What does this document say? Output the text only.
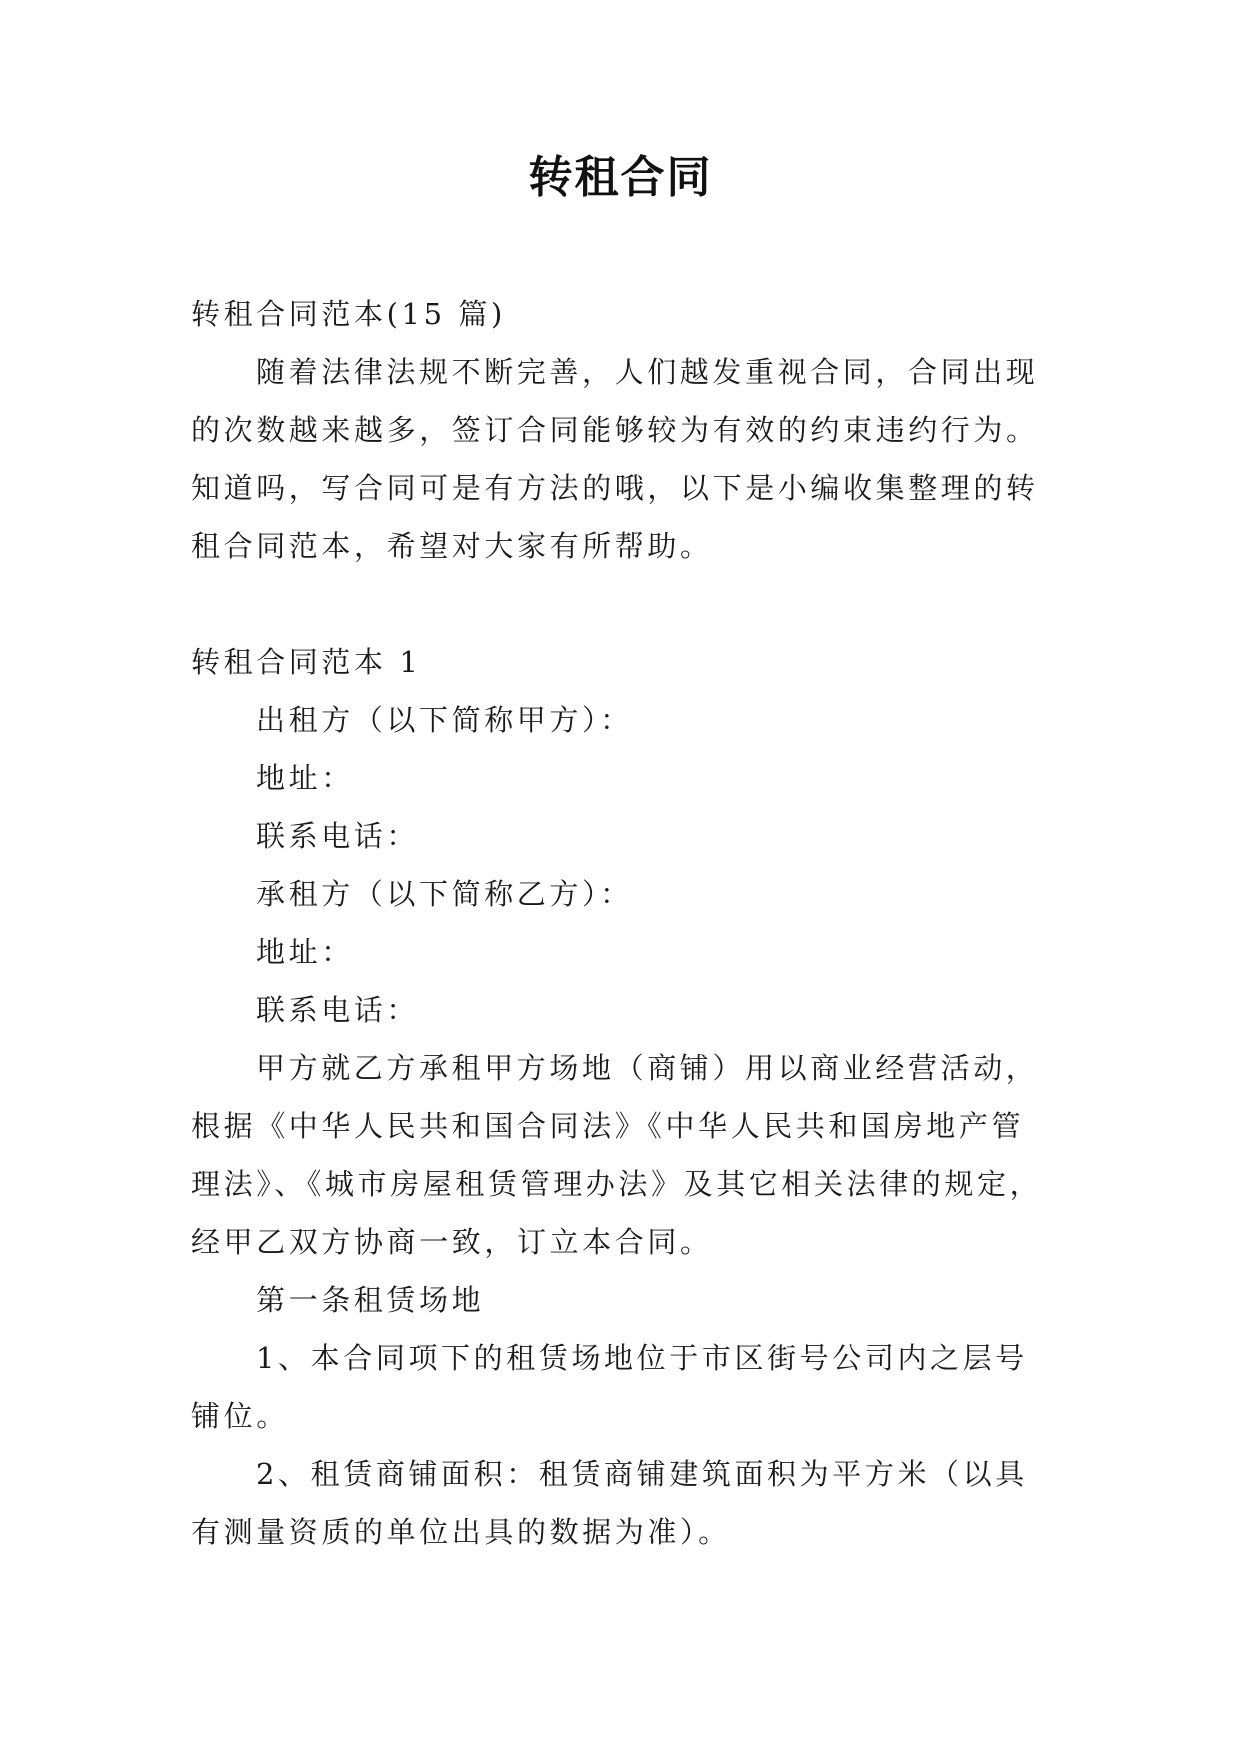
转租合同

转租合同范本(15 篇)

随着法律法规不断完善，人们越发重视合同，合同出现的次数越来越多，签订合同能够较为有效的约束违约行为。知道吗，写合同可是有方法的哦，以下是小编收集整理的转租合同范本，希望对大家有所帮助。

转租合同范本 1

出租方（以下简称甲方）：

地址：

联系电话：

承租方（以下简称乙方）：

地址：

联系电话：

甲方就乙方承租甲方场地（商铺）用以商业经营活动，根据《中华人民共和国合同法》《中华人民共和国房地产管理法》、《城市房屋租赁管理办法》及其它相关法律的规定，经甲乙双方协商一致，订立本合同。

第一条租赁场地

1、本合同项下的租赁场地位于市区街号公司内之层号铺位。

2、租赁商铺面积：租赁商铺建筑面积为平方米（以具有测量资质的单位出具的数据为准）。
